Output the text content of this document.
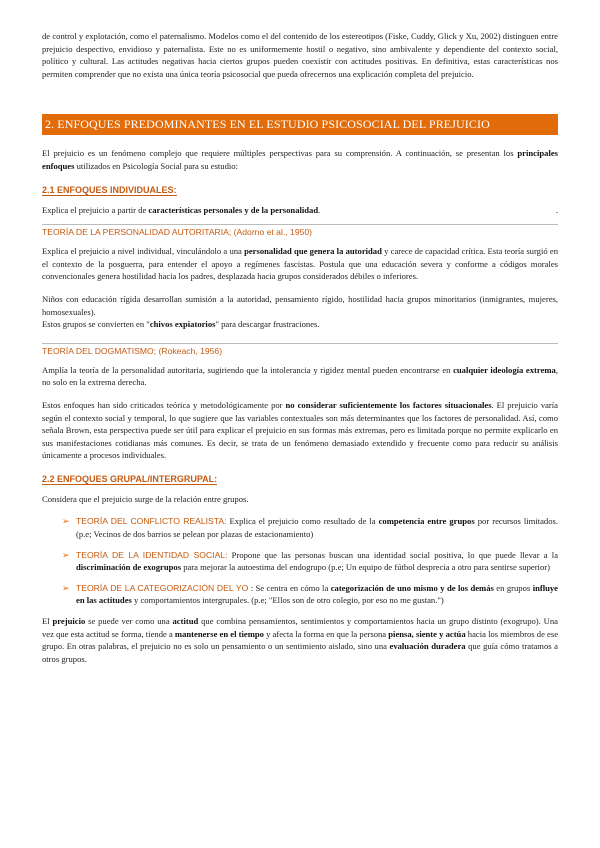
de control y explotación, como el paternalismo. Modelos como el del contenido de los estereotipos (Fiske, Cuddy, Glick y Xu, 2002) distinguen entre prejuicio despectivo, envidioso y paternalista. Este no es uniformemente hostil o negativo, sino ambivalente y dependiente del contexto social, político y cultural. Las actitudes negativas hacia ciertos grupos pueden coexistir con actitudes positivas. En definitiva, estas características nos permiten comprender que no exista una única teoría psicosocial que pueda ofrecernos una explicación completa del prejuicio.

2. ENFOQUES PREDOMINANTES EN EL ESTUDIO PSICOSOCIAL DEL PREJUICIO

El prejuicio es un fenómeno complejo que requiere múltiples perspectivas para su comprensión. A continuación, se presentan los principales enfoques utilizados en Psicología Social para su estudio:

2.1 ENFOQUES INDIVIDUALES:

Explica el prejuicio a partir de características personales y de la personalidad.	.

TEORÍA DE LA PERSONALIDAD AUTORITARIA; (Adorno et al., 1950)

Explica el prejuicio a nivel individual, vinculándolo a una personalidad que genera la autoridad y carece de capacidad crítica. Esta teoría surgió en el contexto de la posguerra, para entender el apoyo a regímenes fascistas. Postula que una educación severa y conforme a códigos morales convencionales genera hostilidad hacia los padres, desplazada hacia grupos considerados débiles o inferiores.

Niños con educación rígida desarrollan sumisión a la autoridad, pensamiento rígido, hostilidad hacia grupos minoritarios (inmigrantes, mujeres, homosexuales).

Estos grupos se convierten en "chivos expiatorios" para descargar frustraciones.

TEORÍA DEL DOGMATISMO; (Rokeach, 1956)

Amplía la teoría de la personalidad autoritaria, sugiriendo que la intolerancia y rigidez mental pueden encontrarse en cualquier ideología extrema, no solo en la extrema derecha.

Estos enfoques han sido criticados teórica y metodológicamente por no considerar suficientemente los factores situacionales. El prejuicio varía según el contexto social y temporal, lo que sugiere que las variables contextuales son más determinantes que los factores de personalidad. Así, como señala Brown, esta perspectiva puede ser útil para explicar el prejuicio en sus formas más extremas, pero es limitada porque no permite explicarlo en sus manifestaciones cotidianas más comunes. Es decir, se trata de un fenómeno demasiado extendido y frecuente como para reducir su análisis únicamente a procesos individuales.

2.2 ENFOQUES GRUPAL/INTERGRUPAL:

Considera que el prejuicio surge de la relación entre grupos.

➢ TEORÍA DEL CONFLICTO REALISTA: Explica el prejuicio como resultado de la competencia entre grupos por recursos limitados. (p.e; Vecinos de dos barrios se pelean por plazas de estacionamiento)

➢ TEORÍA DE LA IDENTIDAD SOCIAL: Propone que las personas buscan una identidad social positiva, lo que puede llevar a la discriminación de exogrupos para mejorar la autoestima del endogrupo (p.e; Un equipo de fútbol desprecia a otro para sentirse superior)

➢ TEORÍA DE LA CATEGORIZACIÓN DEL YO : Se centra en cómo la categorización de uno mismo y de los demás en grupos influye en las actitudes y comportamientos intergrupales. (p.e; "Ellos son de otro colegio, por eso no me gustan.")

El prejuicio se puede ver como una actitud que combina pensamientos, sentimientos y comportamientos hacia un grupo distinto (exogrupo). Una vez que esta actitud se forma, tiende a mantenerse en el tiempo y afecta la forma en que la persona piensa, siente y actúa hacia los miembros de ese grupo. En otras palabras, el prejuicio no es solo un pensamiento o un sentimiento aislado, sino una evaluación duradera que guía cómo tratamos a otros grupos.
